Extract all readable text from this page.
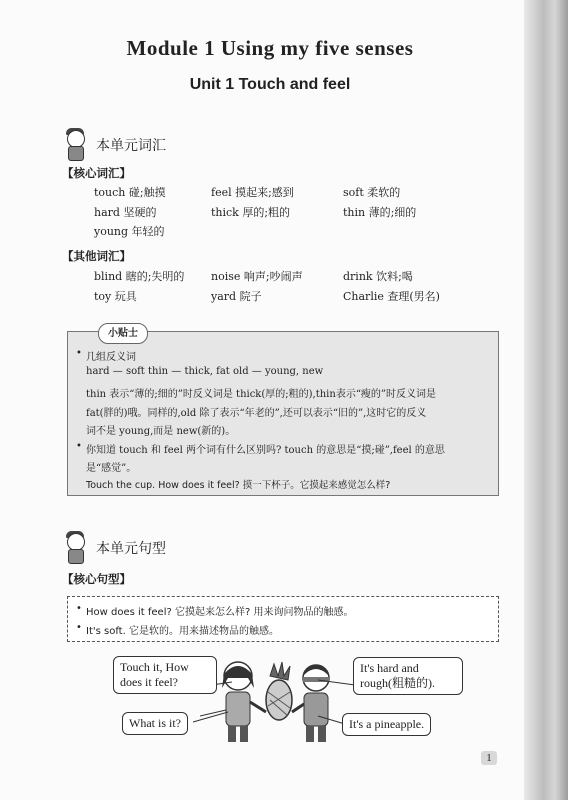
Module 1 Using my five senses
Unit 1 Touch and feel
本单元词汇
【核心词汇】
touch 碰;触摸	feel 摸起来;感到	soft 柔软的
hard 坚硬的	thick 厚的;粗的	thin 薄的;细的
young 年轻的
【其他词汇】
blind 瞎的;失明的	noise 响声;吵闹声	drink 饮料;喝
toy 玩具	yard 院子	Charlie 查理(男名)
小贴士
• 几组反义词
hard — soft thin — thick, fat old — young, new
thin 表示“薄的;细的”时反义词是 thick(厚的;粗的),thin表示“瘦的”时反义词是
fat(胖的)哦。同样的,old 除了表示“年老的”,还可以表示“旧的”,这时它的反义
词不是 young,而是 new(新的)。
• 你知道 touch 和 feel 两个词有什么区别吗? touch 的意思是“摸;碰”,feel 的意思
是“感觉”。
Touch the cup. How does it feel? 摸一下杯子。它摸起来感觉怎么样?
本单元句型
【核心句型】
• How does it feel? 它摸起来怎么样? 用来询问物品的触感。
• It's soft. 它是软的。用来描述物品的触感。
Touch it, How does it feel?
It's hard and rough(粗糙的).
What is it?	It's a pineapple.
1
